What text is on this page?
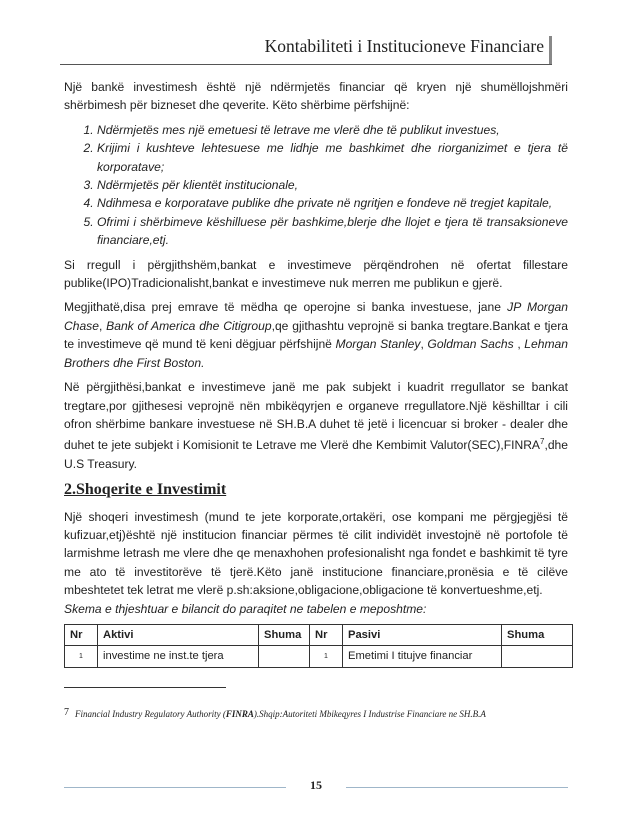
Kontabiliteti i Institucioneve Financiare

Një bankë investimesh është një ndërmjetës financiar që kryen një shumëllojshmëri shërbimesh për bizneset dhe qeverite. Këto shërbime përfshijnë:

1. Ndërmjetës mes një emetuesi të letrave me vlerë dhe të publikut investues,
2. Krijimi i kushteve lehtesuese me lidhje me bashkimet dhe riorganizimet e tjera të korporatave;
3. Ndërmjetës për klientët institucionale,
4. Ndihmesa e korporatave publike dhe private në ngritjen e fondeve në tregjet kapitale,
5. Ofrimi i shërbimeve këshilluese për bashkime,blerje dhe llojet e tjera të transaksioneve financiare,etj.

Si rregull i përgjithshëm,bankat e investimeve përqëndrohen në ofertat fillestare publike(IPO)Tradicionalisht,bankat e investimeve nuk merren me publikun e gjerë.

Megjithatë,disa prej emrave të mëdha qe operojne si banka investuese, jane JP Morgan Chase, Bank of America dhe Citigroup,qe gjithashtu veprojnë si banka tregtare.Bankat e tjera te investimeve që mund të keni dëgjuar përfshijnë Morgan Stanley, Goldman Sachs , Lehman Brothers dhe First Boston.

Në përgjithësi,bankat e investimeve janë me pak subjekt i kuadrit rregullator se bankat tregtare,por gjithesesi veprojnë nën mbikëqyrjen e organeve rregullatore.Një këshilltar i cili ofron shërbime bankare investuese në SH.B.A duhet të jetë i licencuar si broker - dealer dhe duhet te jete subjekt i Komisionit te Letrave me Vlerë dhe Kembimit Valutor(SEC),FINRA$^7$,dhe U.S Treasury.

2.Shoqerite e Investimit

Një shoqeri investimesh (mund te jete korporate,ortakëri, ose kompani me përgjegjësi të kufizuar,etj)është një institucion financiar përmes të cilit individët investojnë në portofole të larmishme letrash me vlere dhe qe menaxhohen profesionalisht nga fondet e bashkimit të tyre me ato të investitorëve të tjerë.Këto janë institucione financiare,pronësia e të cilëve mbeshtetet tek letrat me vlerë p.sh:aksione,obligacione,obligacione të konvertueshme,etj.

Skema e thjeshtuar e bilancit do paraqitet ne tabelen e meposhtme:

Nr	Aktivi	Shuma	Nr	Pasivi	Shuma
1	investime ne inst.te tjera		1	Emetimi I titujve financiar	
7 Financial Industry Regulatory Authority (FINRA).Shqip:Autoriteti Mbikeqyres I Industrise Financiare ne SH.B.A
15
